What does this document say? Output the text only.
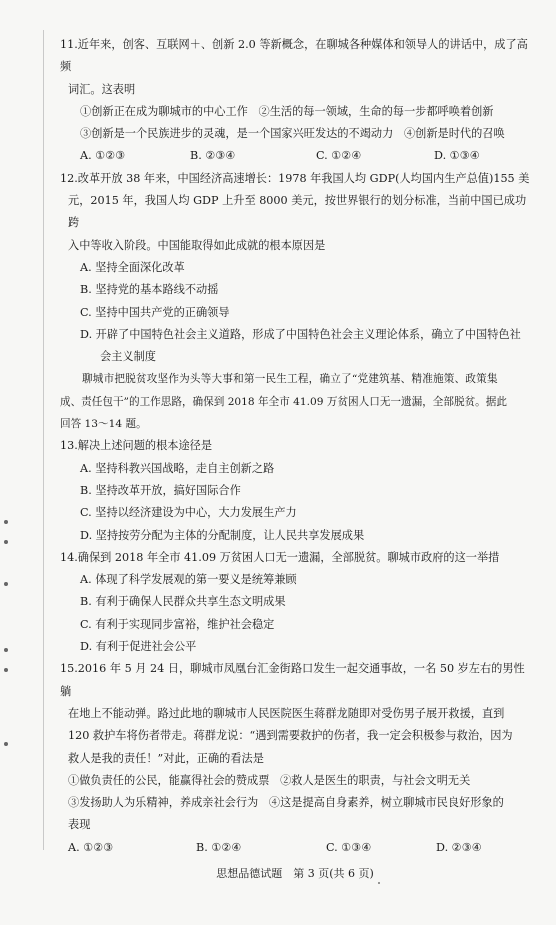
11.近年来，创客、互联网＋、创新 2.0 等新概念，在聊城各种媒体和领导人的讲话中，成了高频
词汇。这表明
①创新正在成为聊城市的中心工作 ②生活的每一领域，生命的每一步都呼唤着创新
③创新是一个民族进步的灵魂，是一个国家兴旺发达的不竭动力 ④创新是时代的召唤
A. ①②③	B. ②③④	C. ①②④	D. ①③④
12.改革开放 38 年来，中国经济高速增长：1978 年我国人均 GDP(人均国内生产总值)155 美
元，2015 年，我国人均 GDP 上升至 8000 美元，按世界银行的划分标准，当前中国已成功跨
入中等收入阶段。中国能取得如此成就的根本原因是
A. 坚持全面深化改革
B. 坚持党的基本路线不动摇
C. 坚持中国共产党的正确领导
D. 开辟了中国特色社会主义道路，形成了中国特色社会主义理论体系，确立了中国特色社
会主义制度
聊城市把脱贫攻坚作为头等大事和第一民生工程，确立了“党建筑基、精准施策、政策集
成、责任包干”的工作思路，确保到 2018 年全市 41.09 万贫困人口无一遗漏，全部脱贫。据此
回答 13～14 题。
13.解决上述问题的根本途径是
A. 坚持科教兴国战略，走自主创新之路
B. 坚持改革开放，搞好国际合作
C. 坚持以经济建设为中心，大力发展生产力
D. 坚持按劳分配为主体的分配制度，让人民共享发展成果
14.确保到 2018 年全市 41.09 万贫困人口无一遗漏，全部脱贫。聊城市政府的这一举措
A. 体现了科学发展观的第一要义是统筹兼顾
B. 有利于确保人民群众共享生态文明成果
C. 有利于实现同步富裕，维护社会稳定
D. 有利于促进社会公平
15.2016 年 5 月 24 日，聊城市凤凰台汇金街路口发生一起交通事故，一名 50 岁左右的男性躺
在地上不能动弹。路过此地的聊城市人民医院医生蒋群龙随即对受伤男子展开救援，直到
120 救护车将伤者带走。蒋群龙说：“遇到需要救护的伤者，我一定会积极参与救治，因为
救人是我的责任！”对此，正确的看法是
①做负责任的公民，能赢得社会的赞成票 ②救人是医生的职责，与社会文明无关
③发扬助人为乐精神，养成亲社会行为 ④这是提高自身素养，树立聊城市民良好形象的
表现
A. ①②③	B. ①②④	C. ①③④	D. ②③④
思想品德试题　第 3 页(共 6 页)
